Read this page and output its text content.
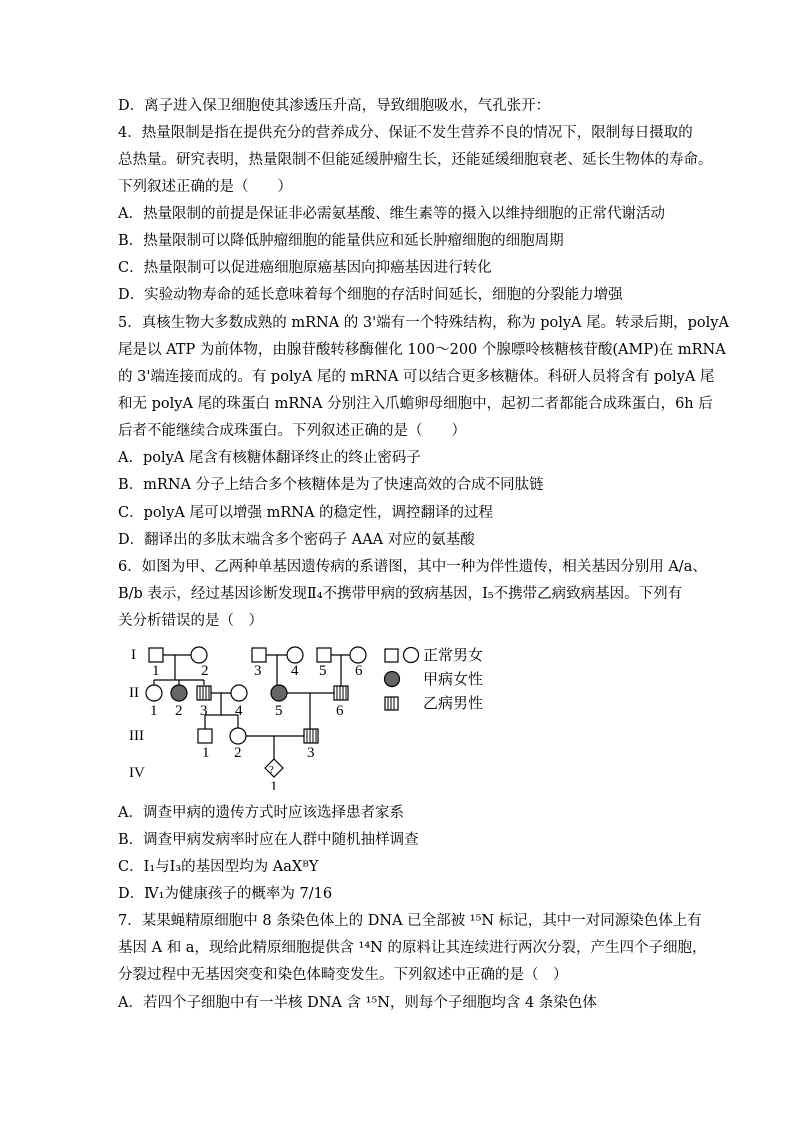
D．离子进入保卫细胞使其渗透压升高，导致细胞吸水，气孔张开：
4．热量限制是指在提供充分的营养成分、保证不发生营养不良的情况下，限制每日摄取的
总热量。研究表明，热量限制不但能延缓肿瘤生长，还能延缓细胞衰老、延长生物体的寿命。
下列叙述正确的是（　　）
A．热量限制的前提是保证非必需氨基酸、维生素等的摄入以维持细胞的正常代谢活动
B．热量限制可以降低肿瘤细胞的能量供应和延长肿瘤细胞的细胞周期
C．热量限制可以促进癌细胞原癌基因向抑癌基因进行转化
D．实验动物寿命的延长意味着每个细胞的存活时间延长，细胞的分裂能力增强
5．真核生物大多数成熟的 mRNA 的 3'端有一个特殊结构，称为 polyA 尾。转录后期，polyA
尾是以 ATP 为前体物，由腺苷酸转移酶催化 100～200 个腺嘌呤核糖核苷酸(AMP)在 mRNA
的 3'端连接而成的。有 polyA 尾的 mRNA 可以结合更多核糖体。科研人员将含有 polyA 尾
和无 polyA 尾的珠蛋白 mRNA 分别注入爪蟾卵母细胞中，起初二者都能合成珠蛋白，6h 后
后者不能继续合成珠蛋白。下列叙述正确的是（　　）
A．polyA 尾含有核糖体翻译终止的终止密码子
B．mRNA 分子上结合多个核糖体是为了快速高效的合成不同肽链
C．polyA 尾可以增强 mRNA 的稳定性，调控翻译的过程
D．翻译出的多肽末端含多个密码子 AAA 对应的氨基酸
6．如图为甲、乙两种单基因遗传病的系谱图，其中一种为伴性遗传，相关基因分别用 A/a、
B/b 表示，经过基因诊断发现Ⅱ₄不携带甲病的致病基因，Ⅰ₅不携带乙病致病基因。下列有
关分析错误的是（　）
?
I
II
III
IV
1	2	3 4 5 6
1 2 3 4 5	6
1 2	3
1
正常男女
甲病女性
乙病男性
A．调查甲病的遗传方式时应该选择患者家系
B．调查甲病发病率时应在人群中随机抽样调查
C．Ⅰ₁与Ⅰ₃的基因型均为 AaXᴮY
D．Ⅳ₁为健康孩子的概率为 7/16
7．某果蝇精原细胞中 8 条染色体上的 DNA 已全部被 ¹⁵N 标记，其中一对同源染色体上有
基因 A 和 a，现给此精原细胞提供含 ¹⁴N 的原料让其连续进行两次分裂，产生四个子细胞，
分裂过程中无基因突变和染色体畸变发生。下列叙述中正确的是（　）
A．若四个子细胞中有一半核 DNA 含 ¹⁵N，则每个子细胞均含 4 条染色体
